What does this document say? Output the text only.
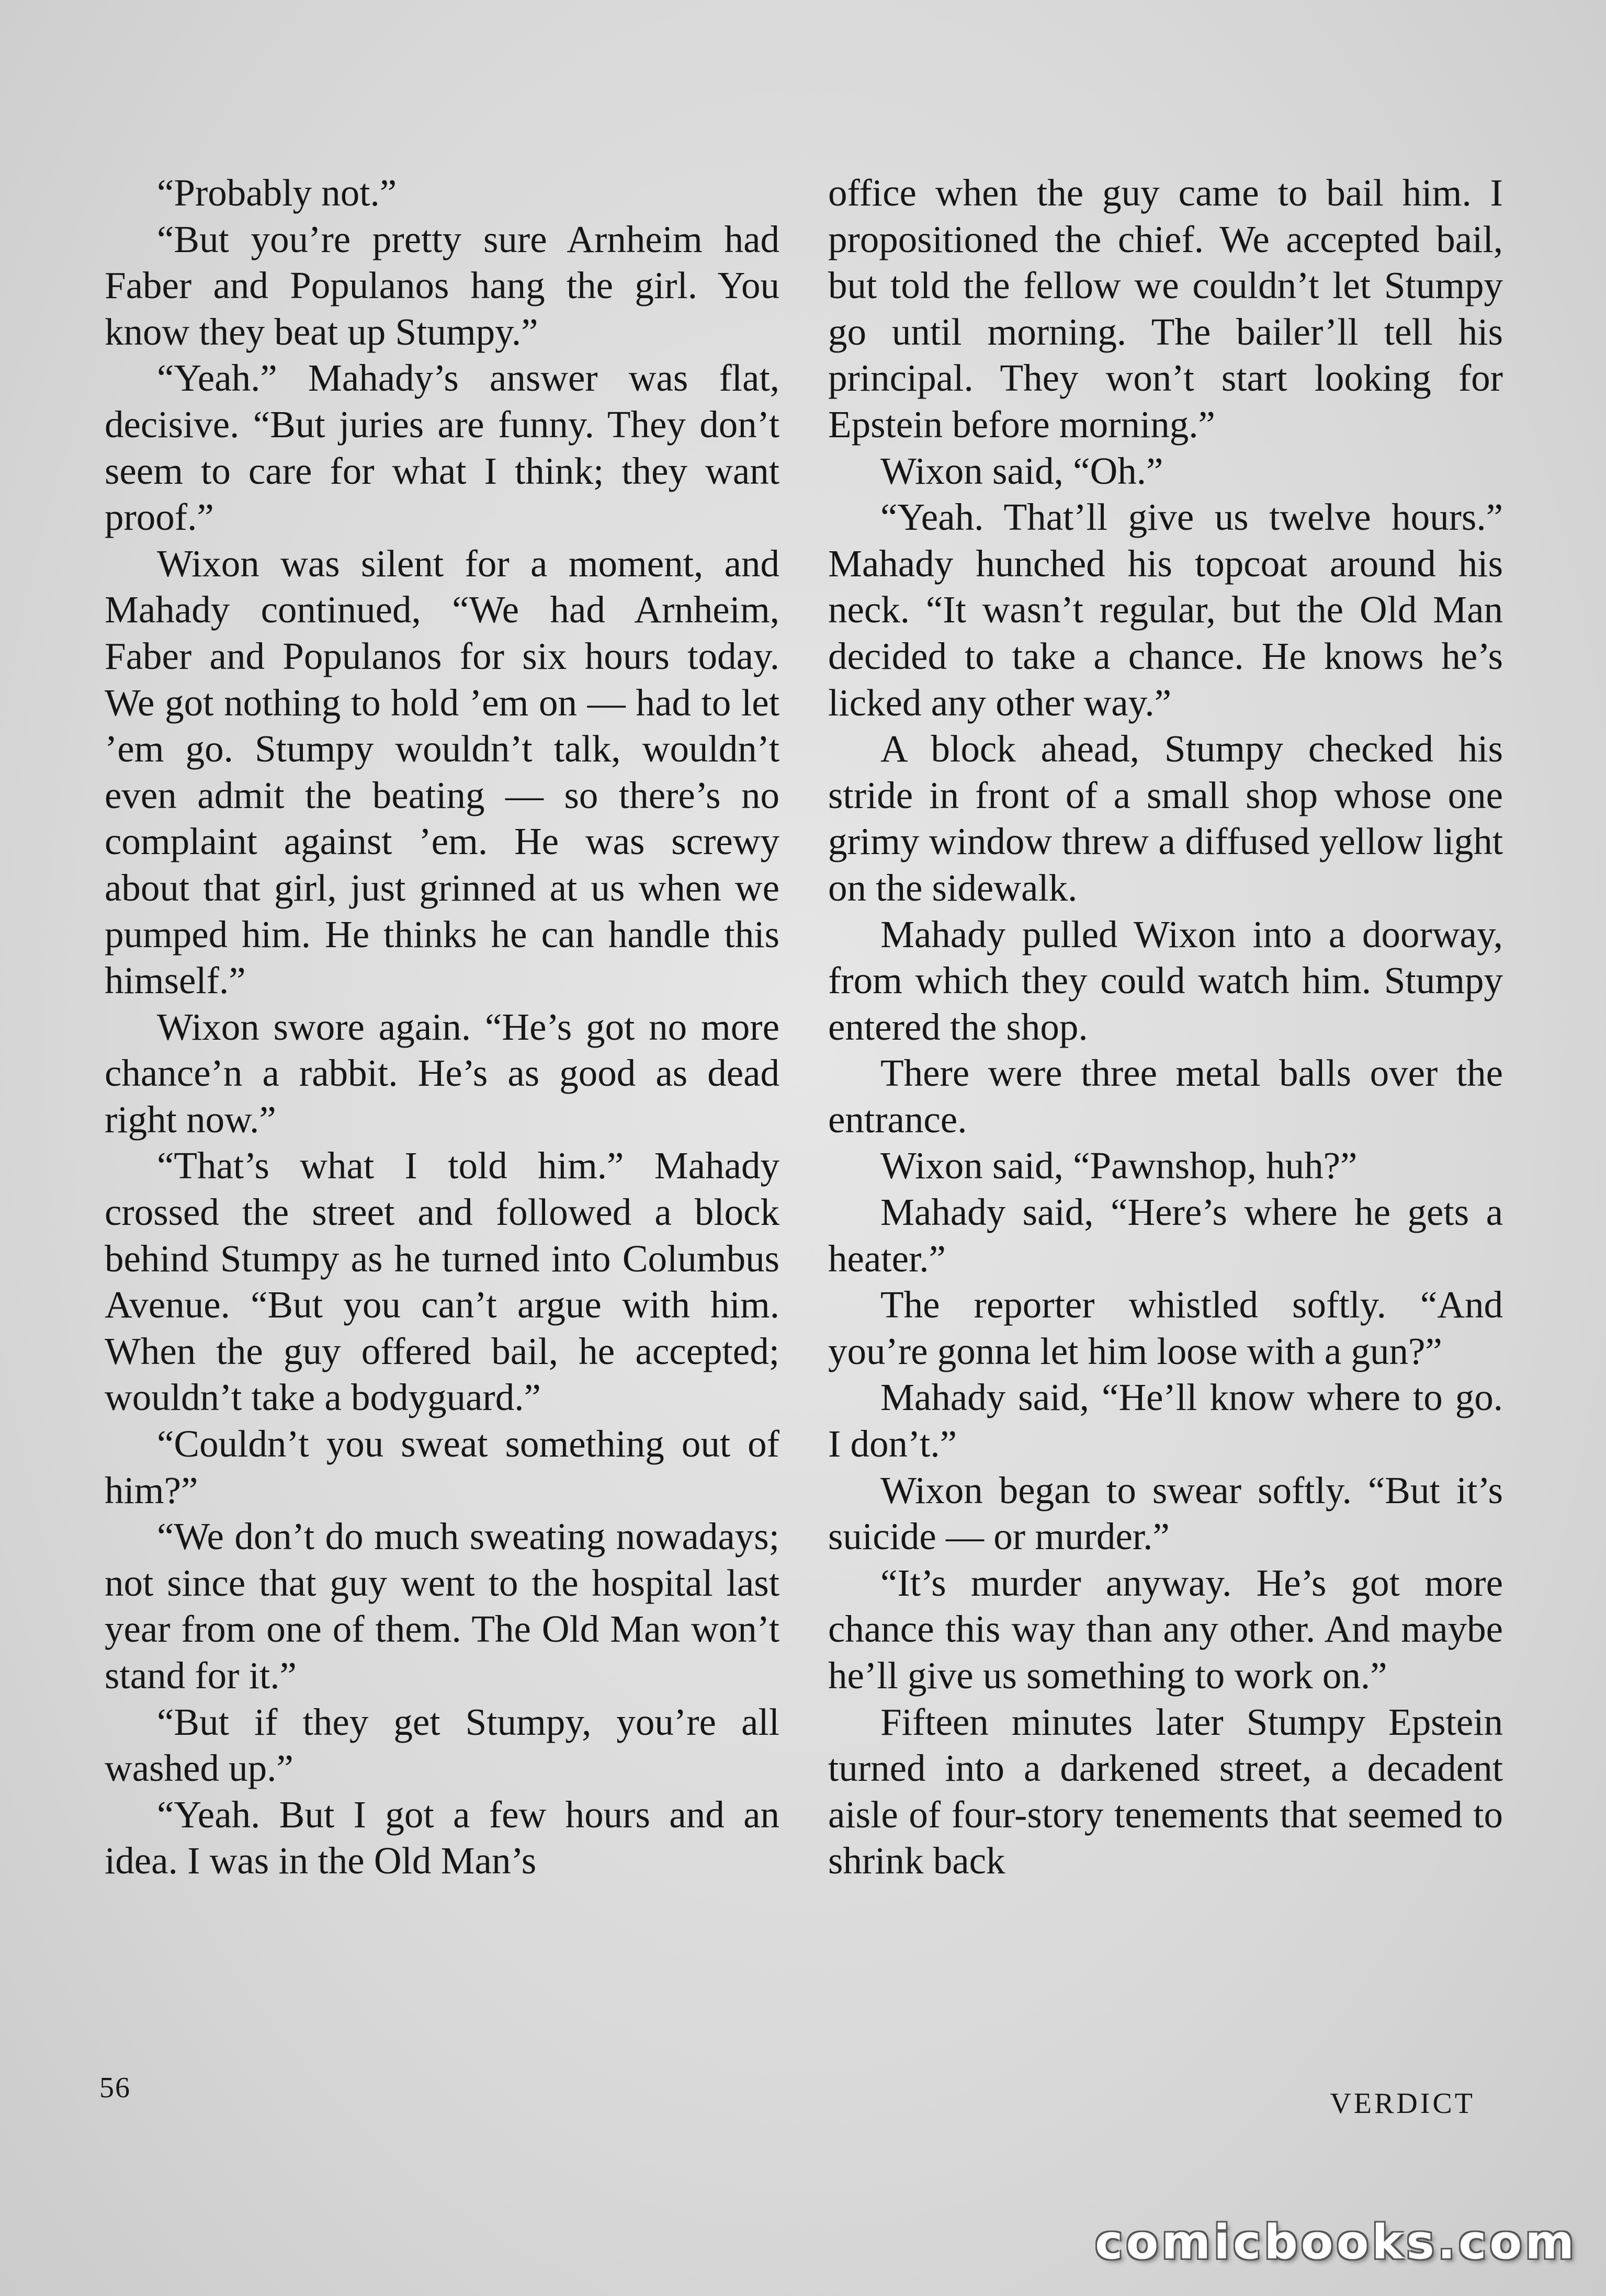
“Probably not.”

“But you’re pretty sure Arnheim had Faber and Populanos hang the girl. You know they beat up Stumpy.”

“Yeah.” Mahady’s answer was flat, decisive. “But juries are funny. They don’t seem to care for what I think; they want proof.”

Wixon was silent for a moment, and Mahady continued, “We had Arnheim, Faber and Populanos for six hours today. We got nothing to hold ’em on — had to let ’em go. Stumpy wouldn’t talk, wouldn’t even admit the beating — so there’s no complaint against ’em. He was screwy about that girl, just grinned at us when we pumped him. He thinks he can handle this himself.”

Wixon swore again. “He’s got no more chance’n a rabbit. He’s as good as dead right now.”

“That’s what I told him.” Mahady crossed the street and followed a block behind Stumpy as he turned into Columbus Avenue. “But you can’t argue with him. When the guy offered bail, he accepted; wouldn’t take a bodyguard.”

“Couldn’t you sweat something out of him?”

“We don’t do much sweating nowadays; not since that guy went to the hospital last year from one of them. The Old Man won’t stand for it.”

“But if they get Stumpy, you’re all washed up.”

“Yeah. But I got a few hours and an idea. I was in the Old Man’s

office when the guy came to bail him. I propositioned the chief. We accepted bail, but told the fellow we couldn’t let Stumpy go until morning. The bailer’ll tell his principal. They won’t start looking for Epstein before morning.”

Wixon said, “Oh.”

“Yeah. That’ll give us twelve hours.” Mahady hunched his topcoat around his neck. “It wasn’t regular, but the Old Man decided to take a chance. He knows he’s licked any other way.”

A block ahead, Stumpy checked his stride in front of a small shop whose one grimy window threw a diffused yellow light on the sidewalk.

Mahady pulled Wixon into a doorway, from which they could watch him. Stumpy entered the shop.

There were three metal balls over the entrance.

Wixon said, “Pawnshop, huh?”

Mahady said, “Here’s where he gets a heater.”

The reporter whistled softly. “And you’re gonna let him loose with a gun?”

Mahady said, “He’ll know where to go. I don’t.”

Wixon began to swear softly. “But it’s suicide — or murder.”

“It’s murder anyway. He’s got more chance this way than any other. And maybe he’ll give us something to work on.”

Fifteen minutes later Stumpy Epstein turned into a darkened street, a decadent aisle of four-story tenements that seemed to shrink back

56	VERDICT
comicbooks.com
